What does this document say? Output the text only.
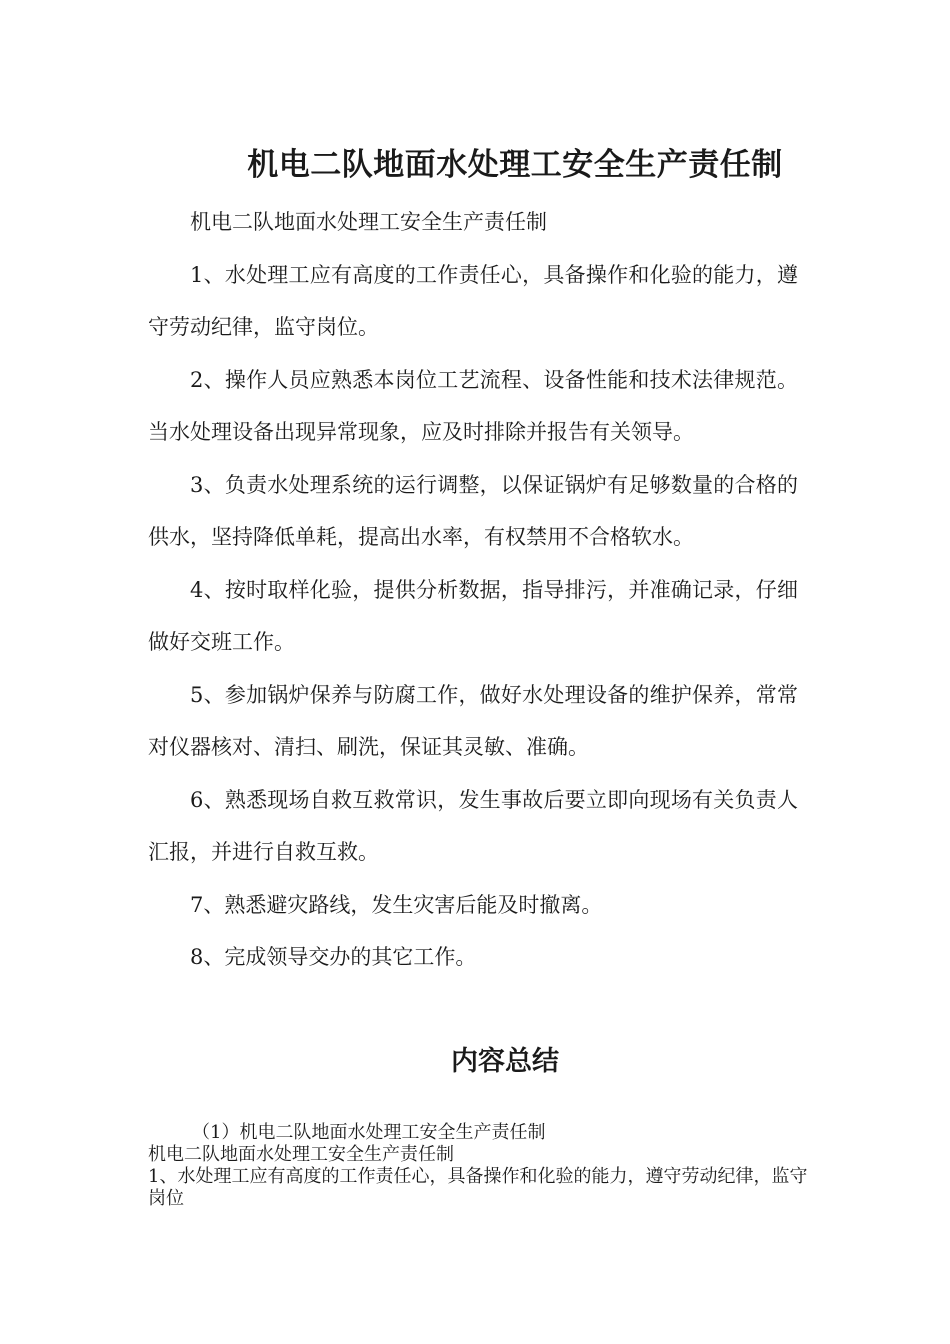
机电二队地面水处理工安全生产责任制

机电二队地面水处理工安全生产责任制

1、水处理工应有高度的工作责任心，具备操作和化验的能力，遵守劳动纪律，监守岗位。

2、操作人员应熟悉本岗位工艺流程、设备性能和技术法律规范。当水处理设备出现异常现象，应及时排除并报告有关领导。

3、负责水处理系统的运行调整，以保证锅炉有足够数量的合格的供水，坚持降低单耗，提高出水率，有权禁用不合格软水。

4、按时取样化验，提供分析数据，指导排污，并准确记录，仔细做好交班工作。

5、参加锅炉保养与防腐工作，做好水处理设备的维护保养，常常对仪器核对、清扫、刷洗，保证其灵敏、准确。

6、熟悉现场自救互救常识，发生事故后要立即向现场有关负责人汇报，并进行自救互救。

7、熟悉避灾路线，发生灾害后能及时撤离。

8、完成领导交办的其它工作。

内容总结

（1）机电二队地面水处理工安全生产责任制

机电二队地面水处理工安全生产责任制

1、水处理工应有高度的工作责任心，具备操作和化验的能力，遵守劳动纪律，监守岗位
